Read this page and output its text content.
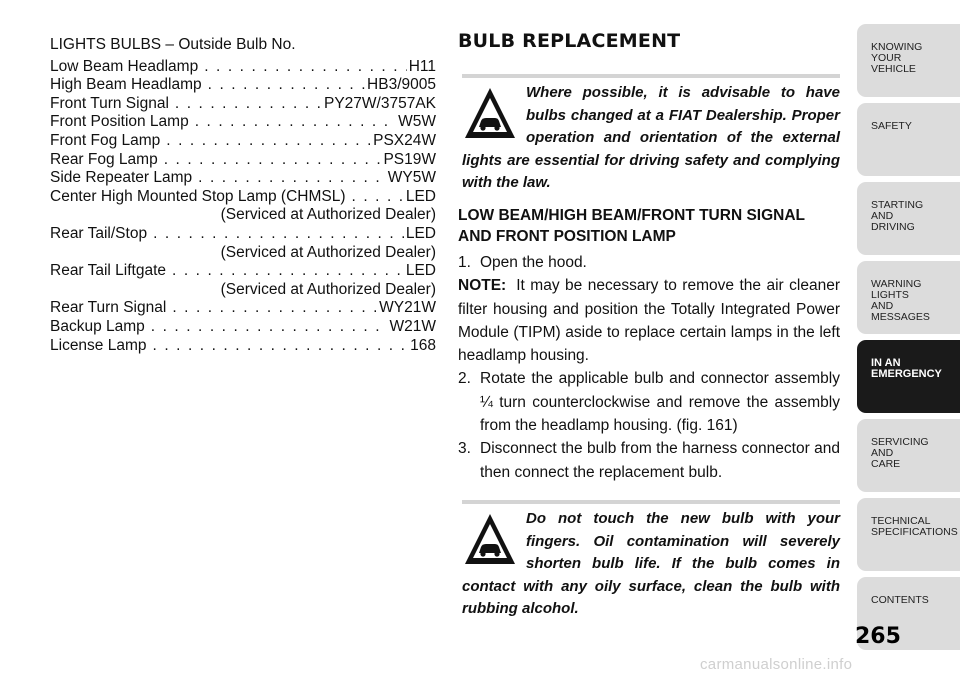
LIGHTS BULBS – Outside Bulb No.
Low Beam Headlamp . . .	H11
High Beam Headlamp . . .	HB3/9005
Front Turn Signal . . .	PY27W/3757AK
Front Position Lamp . . .	W5W
Front Fog Lamp . . .	PSX24W
Rear Fog Lamp . . .	PS19W
Side Repeater Lamp . . .	WY5W
Center High Mounted Stop Lamp (CHMSL) . . .	LED
(Serviced at Authorized Dealer)
Rear Tail/Stop . . .	LED
(Serviced at Authorized Dealer)
Rear Tail Liftgate . . .	LED
(Serviced at Authorized Dealer)
Rear Turn Signal . . .	WY21W
Backup Lamp . . .	W21W
License Lamp . . .	168
BULB REPLACEMENT

Where possible, it is advisable to have bulbs changed at a FIAT Dealership. Proper operation and orientation of the external lights are essential for driving safety and complying with the law.

LOW BEAM/HIGH BEAM/FRONT TURN SIGNAL AND FRONT POSITION LAMP
1. Open the hood.

NOTE: It may be necessary to remove the air cleaner filter housing and position the Totally Integrated Power Module (TIPM) aside to replace certain lamps in the left headlamp housing.

2. Rotate the applicable bulb and connector assembly ¼ turn counterclockwise and remove the assembly from the headlamp housing. (fig. 161)
3. Disconnect the bulb from the harness connector and then connect the replacement bulb.

Do not touch the new bulb with your fingers. Oil contamination will severely shorten bulb life. If the bulb comes in contact with any oily surface, clean the bulb with rubbing alcohol.

KNOWING
YOUR
VEHICLE
SAFETY
STARTING
AND
DRIVING
WARNING
LIGHTS
AND
MESSAGES
IN AN
EMERGENCY
SERVICING
AND
CARE
TECHNICAL
SPECIFICATIONS
CONTENTS
265
carmanualsonline.info
